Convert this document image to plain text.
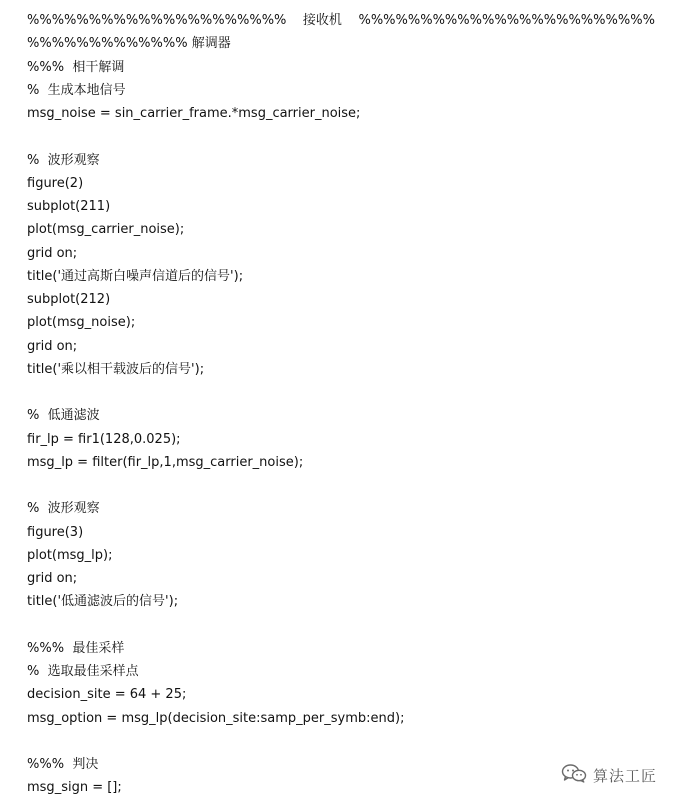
%%%%%%%%%%%%%%%%%%%%%    接收机    %%%%%%%%%%%%%%%%%%%%%%%%
%%%%%%%%%%%%% 解调器
%%%  相干解调
%  生成本地信号
msg_noise = sin_carrier_frame.*msg_carrier_noise;
%  波形观察
figure(2)
subplot(211)
plot(msg_carrier_noise);
grid on;
title('通过高斯白噪声信道后的信号');
subplot(212)
plot(msg_noise);
grid on;
title('乘以相干载波后的信号');
%  低通滤波
fir_lp = fir1(128,0.025);
msg_lp = filter(fir_lp,1,msg_carrier_noise);
%  波形观察
figure(3)
plot(msg_lp);
grid on;
title('低通滤波后的信号');
%%%  最佳采样
%  选取最佳采样点
decision_site = 64 + 25;
msg_option = msg_lp(decision_site:samp_per_symb:end);
%%%  判决
msg_sign = [];
算法工匠
